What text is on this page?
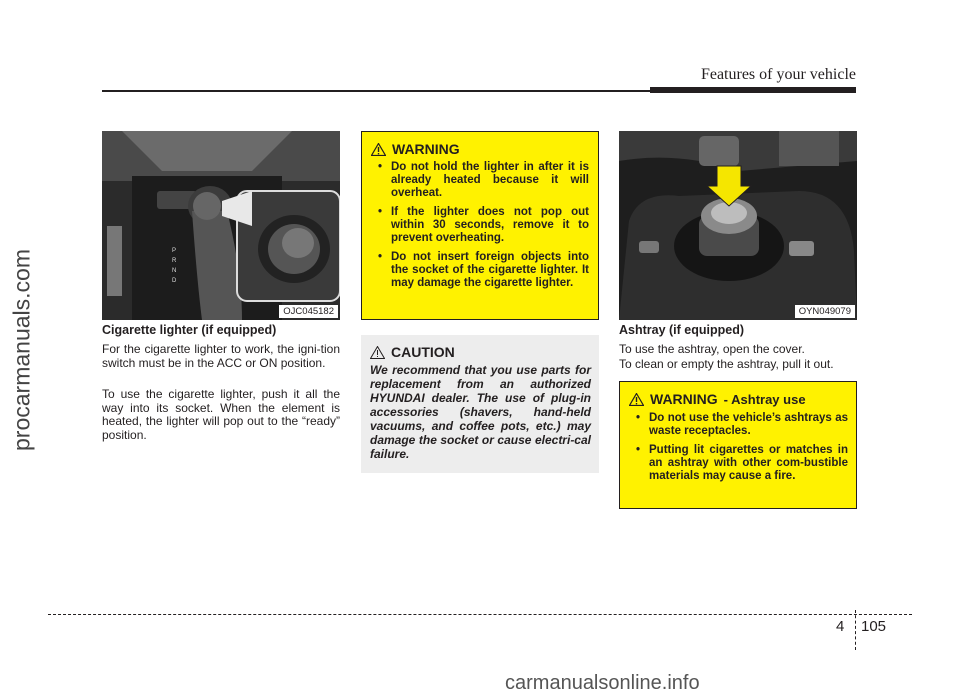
Features of your vehicle
procarmanuals.com
carmanualsonline.info
P
R
N
D
OJC045182
Cigarette lighter (if equipped)
For the cigarette lighter to work, the igni-tion switch must be in the ACC or ON position.
To use the cigarette lighter, push it all the way into its socket. When the element is heated, the lighter will pop out to the “ready” position.
WARNING
• Do not hold the lighter in after it is already heated because it will overheat.
• If the lighter does not pop out within 30 seconds, remove it to prevent overheating.
• Do not insert foreign objects into the socket of the cigarette lighter. It may damage the cigarette lighter.
CAUTION
We recommend that you use parts for replacement from an authorized HYUNDAI dealer. The use of plug-in accessories (shavers, hand-held vacuums, and coffee pots, etc.) may damage the socket or cause electri-cal failure.
OYN049079
Ashtray (if equipped)
To use the ashtray, open the cover.
To clean or empty the ashtray, pull it out.
WARNING - Ashtray use
• Do not use the vehicle’s ashtrays as waste receptacles.
• Putting lit cigarettes or matches in an ashtray with other com-bustible materials may cause a fire.
4 105
